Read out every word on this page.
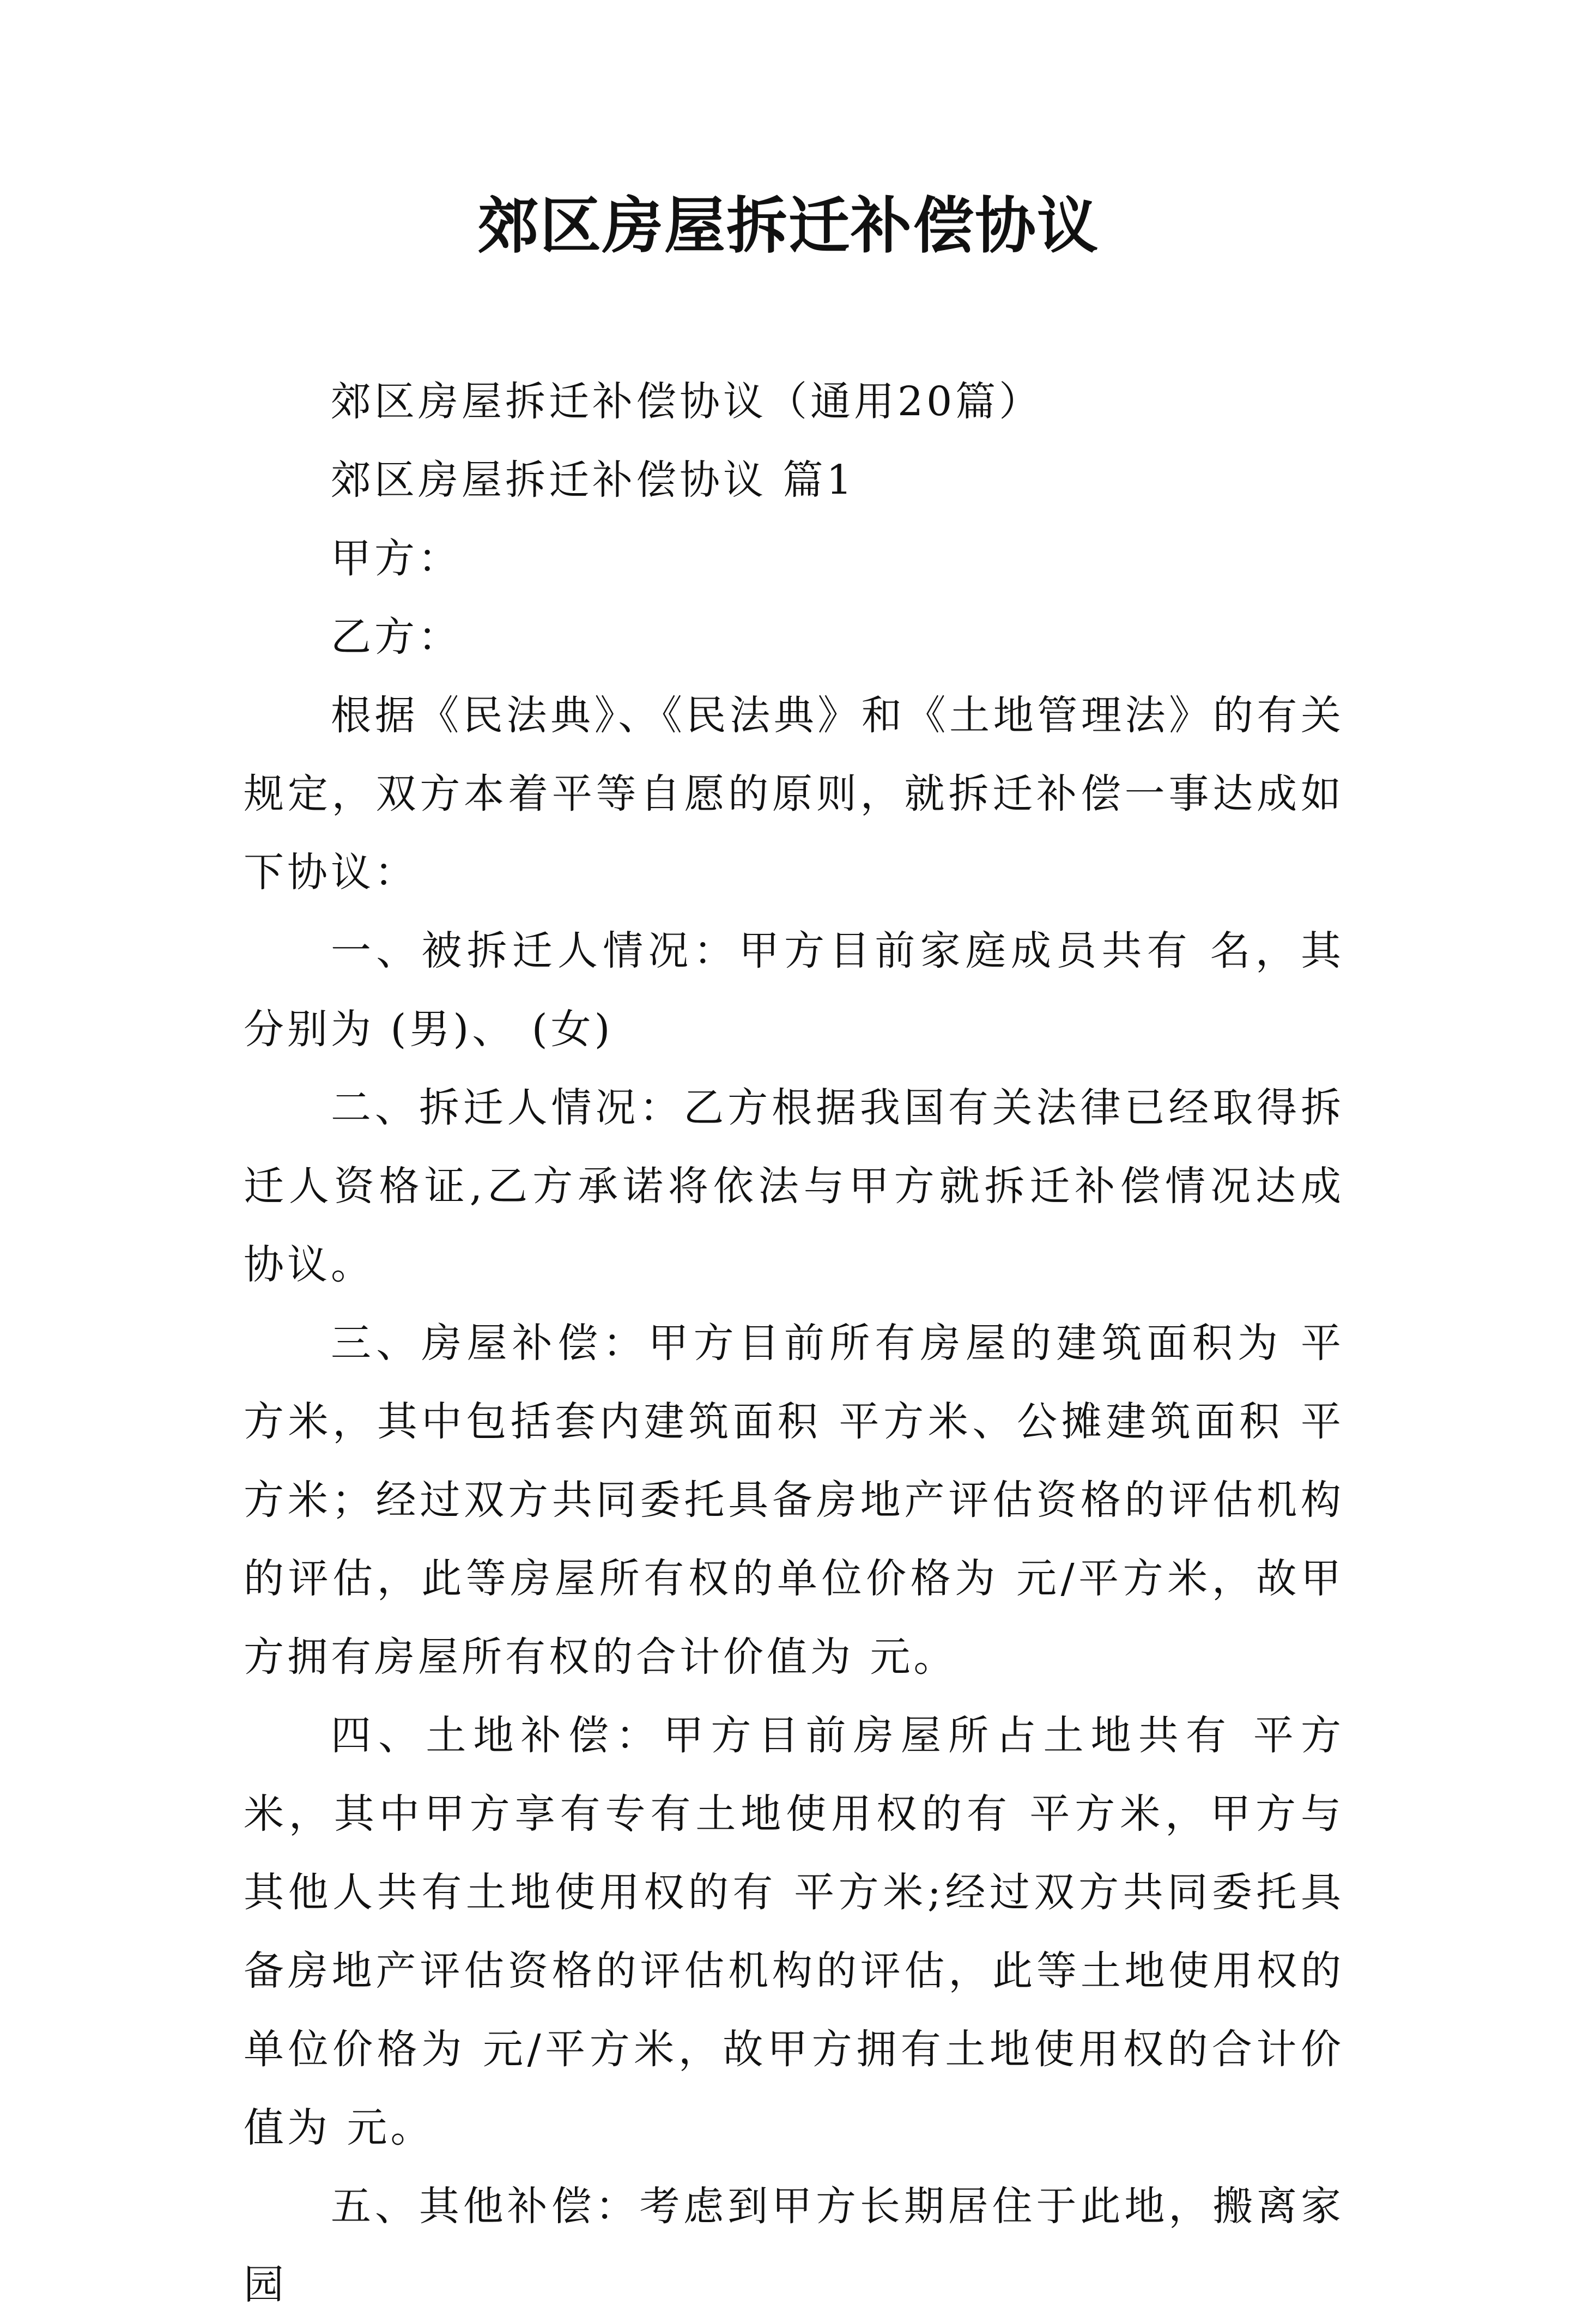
郊区房屋拆迁补偿协议

郊区房屋拆迁补偿协议（通用20篇）

郊区房屋拆迁补偿协议 篇1

甲方：

乙方：

根据《民法典》、《民法典》和《土地管理法》的有关规定，双方本着平等自愿的原则，就拆迁补偿一事达成如下协议：

一、被拆迁人情况：甲方目前家庭成员共有 名，其分别为 (男)、 (女)

二、拆迁人情况：乙方根据我国有关法律已经取得拆迁人资格证,乙方承诺将依法与甲方就拆迁补偿情况达成协议。

三、房屋补偿：甲方目前所有房屋的建筑面积为 平方米，其中包括套内建筑面积 平方米、公摊建筑面积 平方米；经过双方共同委托具备房地产评估资格的评估机构的评估，此等房屋所有权的单位价格为 元/平方米，故甲方拥有房屋所有权的合计价值为 元。

四、土地补偿：甲方目前房屋所占土地共有 平方米，其中甲方享有专有土地使用权的有 平方米，甲方与其他人共有土地使用权的有 平方米;经过双方共同委托具备房地产评估资格的评估机构的评估，此等土地使用权的单位价格为 元/平方米，故甲方拥有土地使用权的合计价值为 元。

五、其他补偿：考虑到甲方长期居住于此地，搬离家园
